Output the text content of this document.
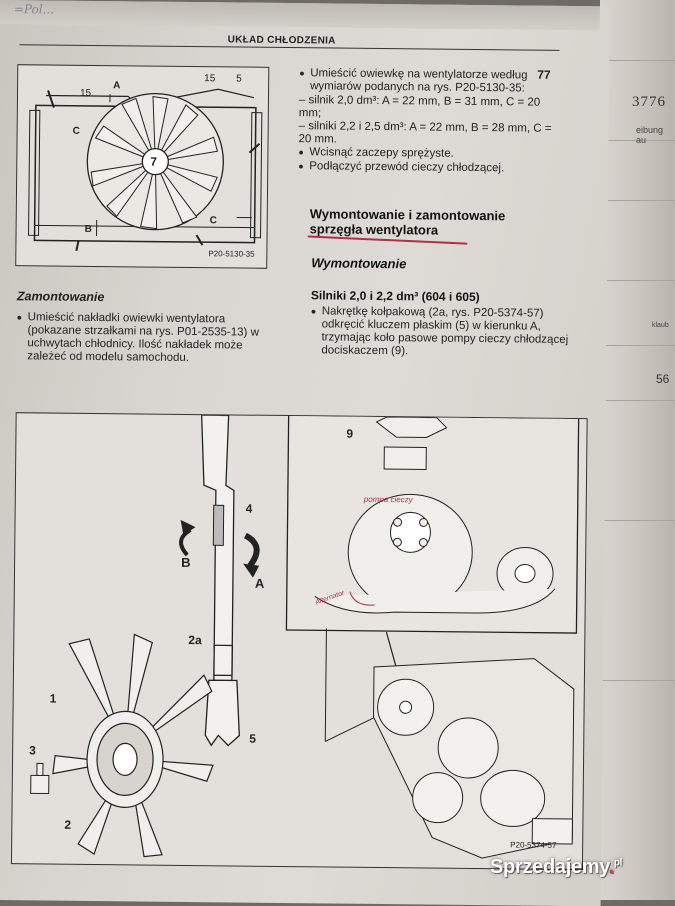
3776
eibung au
klaub
56
=Pol...
UKŁAD CHŁODZENIA
77
15
A
15 5
C
7
C
B
P20-5130-35

● Umieścić owiewkę na wentylatorze według wymiarów podanych na rys. P20-5130-35:

– silnik 2,0 dm³: A = 22 mm, B = 31 mm, C = 20 mm;

– silniki 2,2 i 2,5 dm³: A = 22 mm, B = 28 mm, C = 20 mm.

● Wcisnąć zaczepy sprężyste.

● Podłączyć przewód cieczy chłodzącej.

Wymontowanie i zamontowanie sprzęgła wentylatora
Wymontowanie
Silniki 2,0 i 2,2 dm³ (604 i 605)

● Nakrętkę kołpakową (2a, rys. P20-5374-57) odkręcić kluczem płaskim (5) w kierunku A, trzymając koło pasowe pompy cieczy chłodzącej dociskaczem (9).

Zamontowanie

● Umieścić nakładki owiewki wentylatora (pokazane strzałkami na rys. P01-2535-13) w uchwytach chłodnicy. Ilość nakładek może zależeć od modelu samochodu.

9
4
B
A
2a
1
3
2
5
pompa cieczy
Alternator
P20-5374-57
Sprzedajemy.$^{pl}$
